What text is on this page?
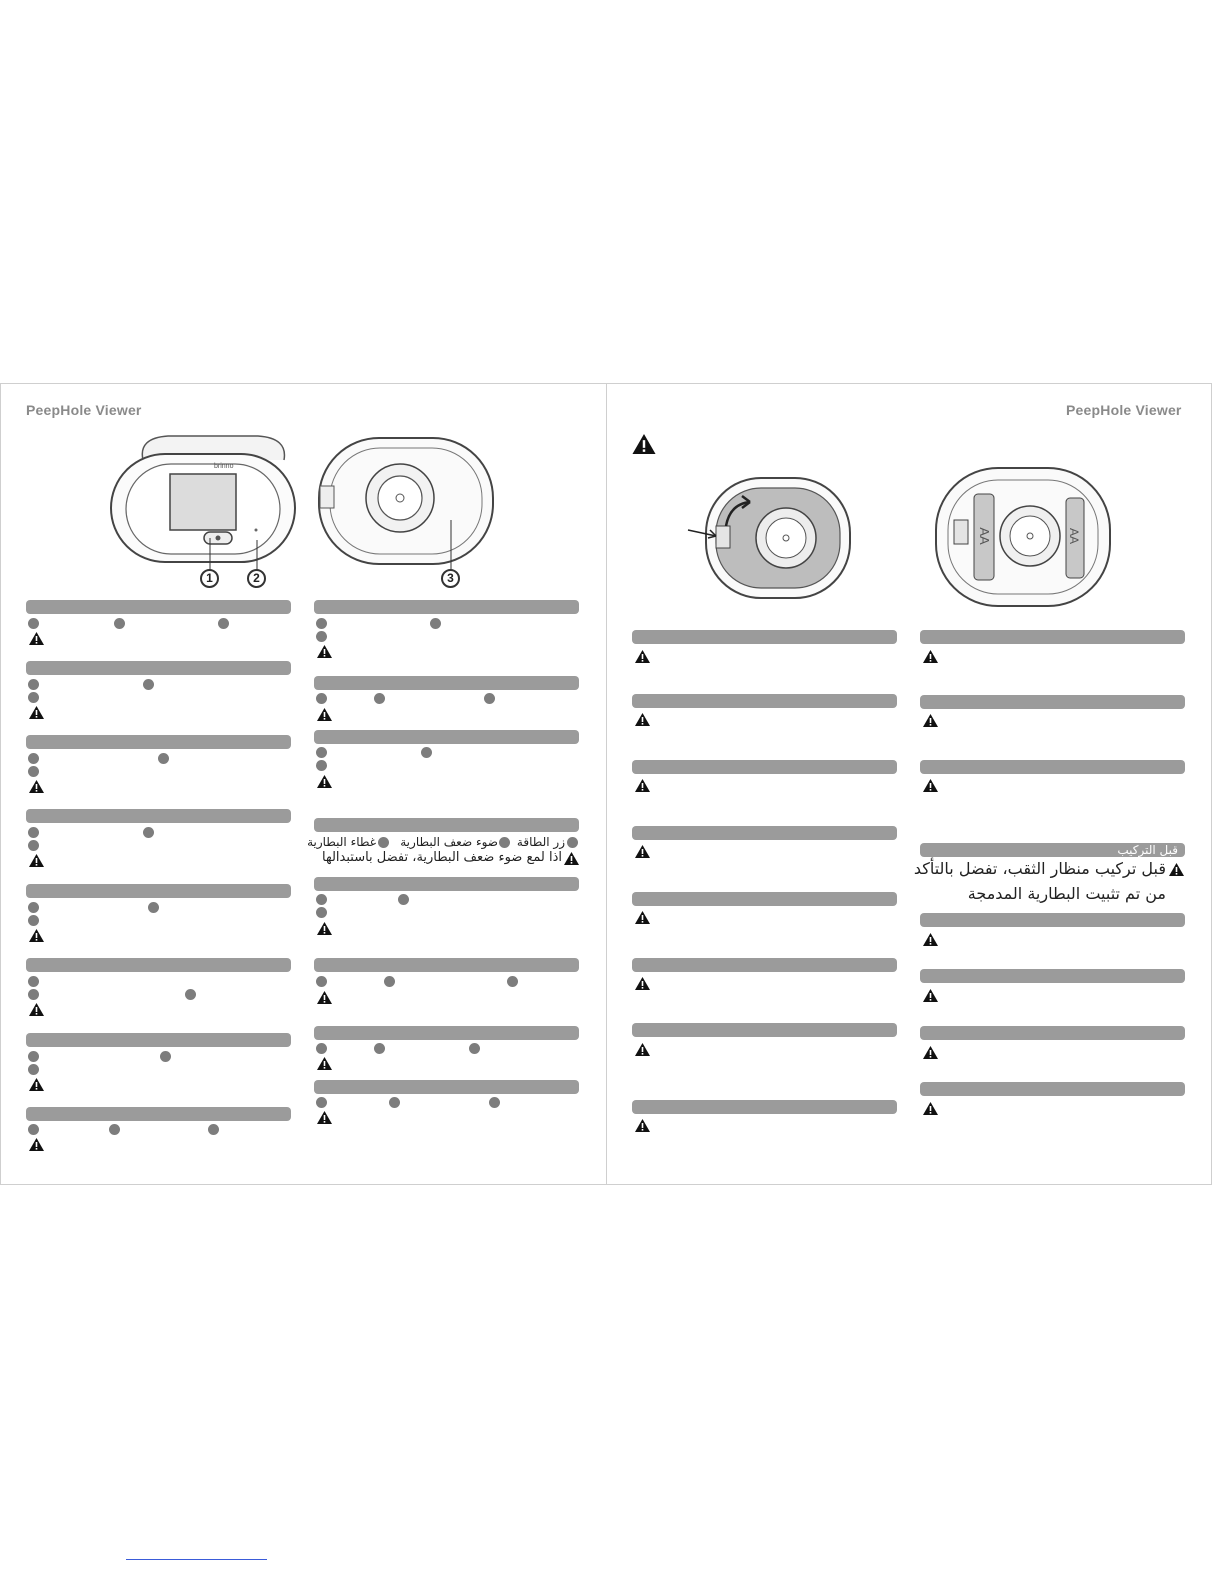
PeepHole Viewer	PeepHole Viewer
brinno
1	2	3
زر الطاقة
ضوء ضعف البطارية
غطاء البطارية
اذا لمع ضوء ضعف البطارية، تفضل باستبدالها
AA	AA
قبل التركيب
قبل تركيب منظار الثقب، تفضل بالتأكد
من تم تثبيت البطارية المدمجة
